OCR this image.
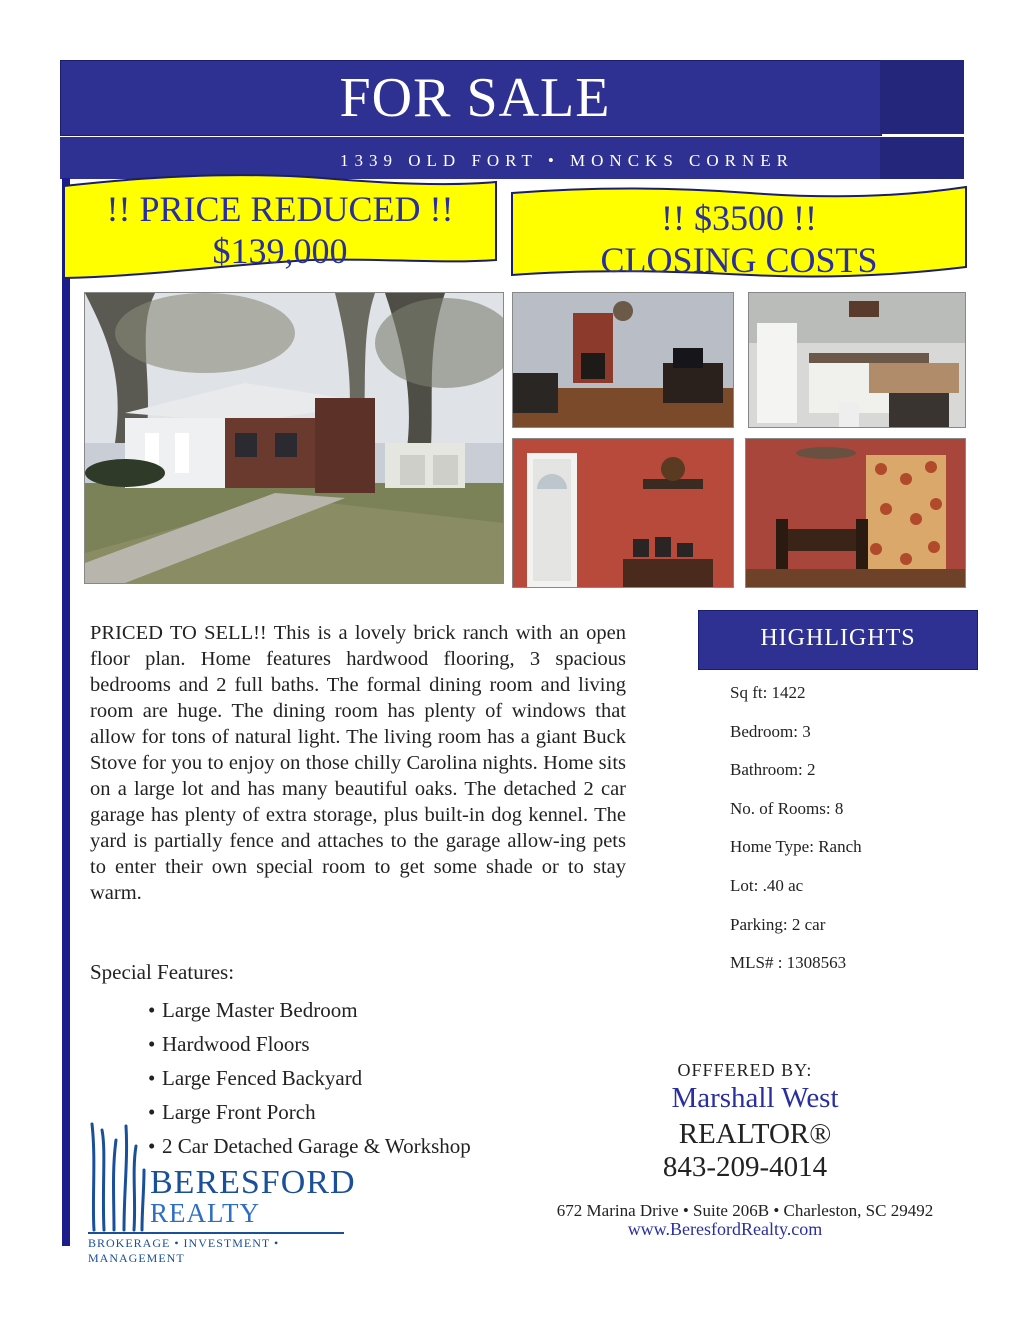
FOR SALE
1339 OLD FORT • MONCKS CORNER
!! PRICE REDUCED !!
$139,000
!! $3500 !!
CLOSING COSTS
PRICED TO SELL!! This is a lovely brick ranch with an open floor plan. Home features hardwood flooring, 3 spacious bedrooms and 2 full baths. The formal dining room and living room are huge. The dining room has plenty of windows that allow for tons of natural light. The living room has a giant Buck Stove for you to enjoy on those chilly Carolina nights. Home sits on a large lot and has many beautiful oaks. The detached 2 car garage has plenty of extra storage, plus built-in dog kennel. The yard is partially fence and attaches to the garage allow-ing pets to enter their own special room to get some shade or to stay warm.
Special Features:
• Large Master Bedroom
• Hardwood Floors
• Large Fenced Backyard
• Large Front Porch
• 2 Car Detached Garage & Workshop
HIGHLIGHTS
Sq ft: 1422
Bedroom: 3
Bathroom: 2
No. of Rooms: 8
Home Type: Ranch
Lot: .40 ac
Parking: 2 car
MLS# : 1308563
OFFFERED BY:
Marshall West
REALTOR®
843-209-4014
672 Marina Drive • Suite 206B • Charleston, SC 29492
www.BeresfordRealty.com
BERESFORD
REALTY
BROKERAGE • INVESTMENT • MANAGEMENT
